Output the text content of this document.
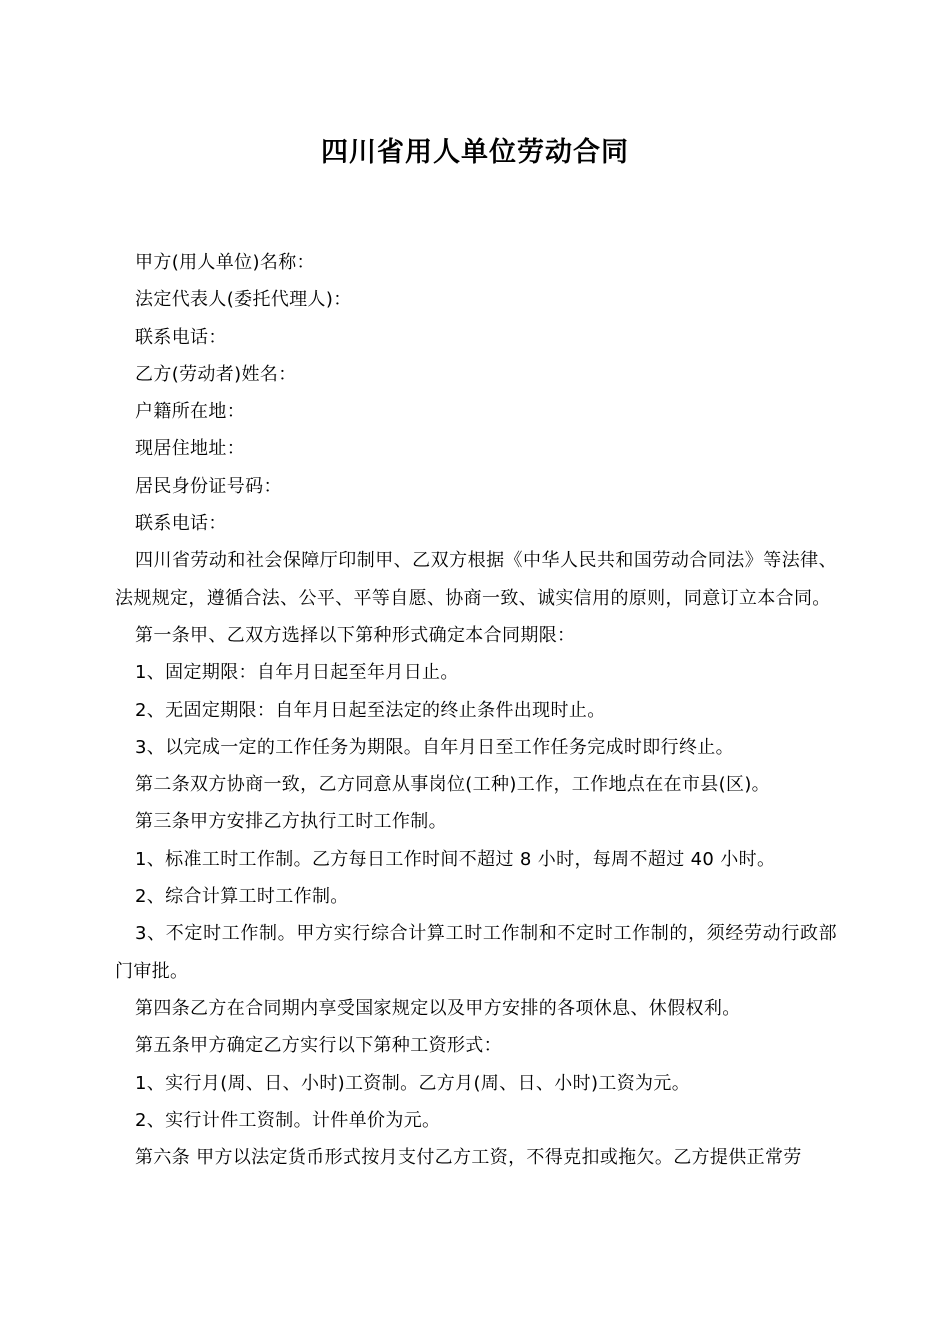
四川省用人单位劳动合同

甲方(用人单位)名称：

法定代表人(委托代理人)：

联系电话：

乙方(劳动者)姓名：

户籍所在地：

现居住地址：

居民身份证号码：

联系电话：

四川省劳动和社会保障厅印制甲、乙双方根据《中华人民共和国劳动合同法》等法律、法规规定，遵循合法、公平、平等自愿、协商一致、诚实信用的原则，同意订立本合同。

第一条甲、乙双方选择以下第种形式确定本合同期限：

1、固定期限：自年月日起至年月日止。

2、无固定期限：自年月日起至法定的终止条件出现时止。

3、以完成一定的工作任务为期限。自年月日至工作任务完成时即行终止。

第二条双方协商一致，乙方同意从事岗位(工种)工作，工作地点在在市县(区)。

第三条甲方安排乙方执行工时工作制。

1、标准工时工作制。乙方每日工作时间不超过 8 小时，每周不超过 40 小时。

2、综合计算工时工作制。

3、不定时工作制。甲方实行综合计算工时工作制和不定时工作制的，须经劳动行政部门审批。

第四条乙方在合同期内享受国家规定以及甲方安排的各项休息、休假权利。

第五条甲方确定乙方实行以下第种工资形式：

1、实行月(周、日、小时)工资制。乙方月(周、日、小时)工资为元。

2、实行计件工资制。计件单价为元。

第六条 甲方以法定货币形式按月支付乙方工资，不得克扣或拖欠。乙方提供正常劳
